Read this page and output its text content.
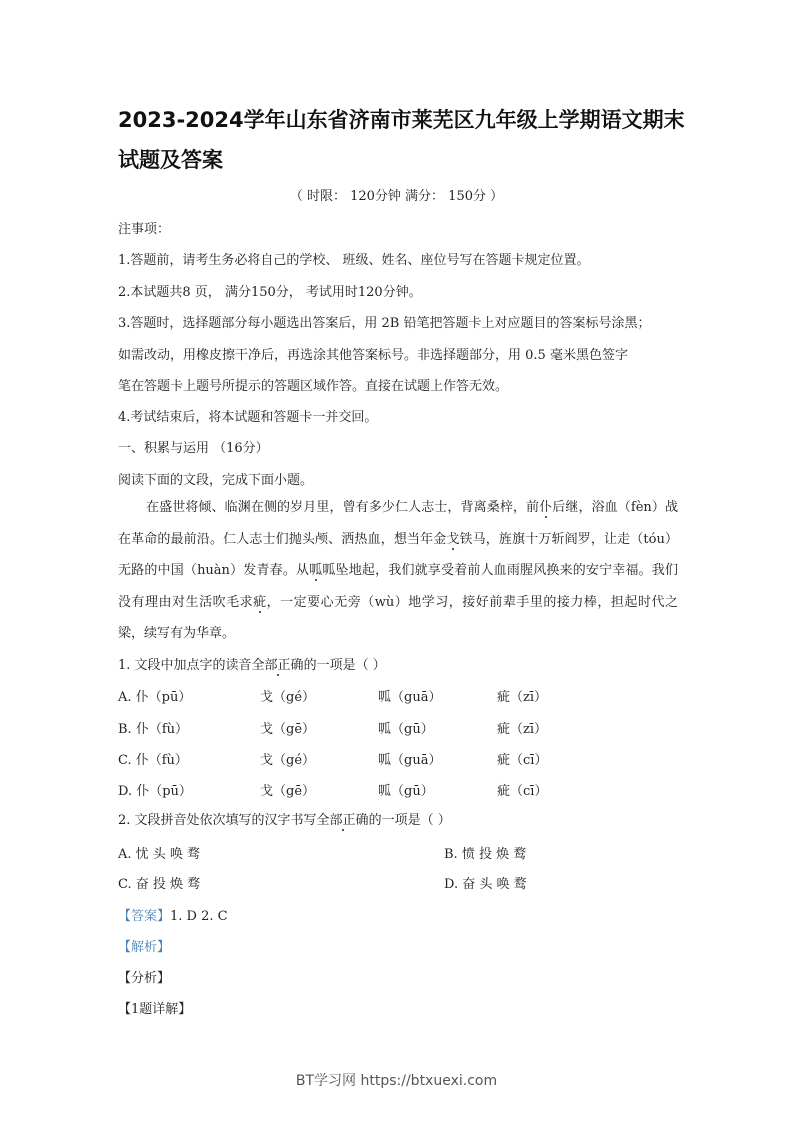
2023-2024学年山东省济南市莱芜区九年级上学期语文期末试题及答案
（ 时限： 120分钟 满分： 150分 ）
注事项：
1.答题前，请考生务必将自己的学校、 班级、姓名、座位号写在答题卡规定位置。
2.本试题共8 页， 满分150分， 考试用时120分钟。
3.答题时，选择题部分每小题选出答案后，用 2B 铅笔把答题卡上对应题目的答案标号涂黑；
如需改动，用橡皮擦干净后，再选涂其他答案标号。非选择题部分，用 0.5 毫米黑色签字
笔在答题卡上题号所提示的答题区域作答。直接在试题上作答无效。
4.考试结束后，将本试题和答题卡一并交回。
一、积累与运用 （16分）
阅读下面的文段，完成下面小题。
在盛世将倾、临渊在侧的岁月里，曾有多少仁人志士，背离桑梓，前仆后继，浴血（fèn）战在革命的最前沿。仁人志士们抛头颅、洒热血，想当年金戈铁马，旌旗十万斩阎罗，让走（tóu）无路的中国（huàn）发青春。从呱呱坠地起，我们就享受着前人血雨腥风换来的安宁幸福。我们没有理由对生活吹毛求疵，一定要心无旁（wù）地学习，接好前辈手里的接力棒，担起时代之梁，续写有为华章。
1. 文段中加点字的读音全部正确的一项是（ ）
A. 仆（pū）	戈（gé）	呱（guā）	疵（zī）
B. 仆（fù）	戈（gē）	呱（gū）	疵（zī）
C. 仆（fù）	戈（gé）	呱（guā）	疵（cī）
D. 仆（pū）	戈（gē）	呱（gū）	疵（cī）
2. 文段拼音处依次填写的汉字书写全部正确的一项是（ ）
A. 忧 头 唤 骛	B. 愤 投 焕 鹜
C. 奋 投 焕 骛	D. 奋 头 唤 鹜
【答案】1. D 2. C
【解析】
【分析】
【1题详解】
BT学习网 https://btxuexi.com
